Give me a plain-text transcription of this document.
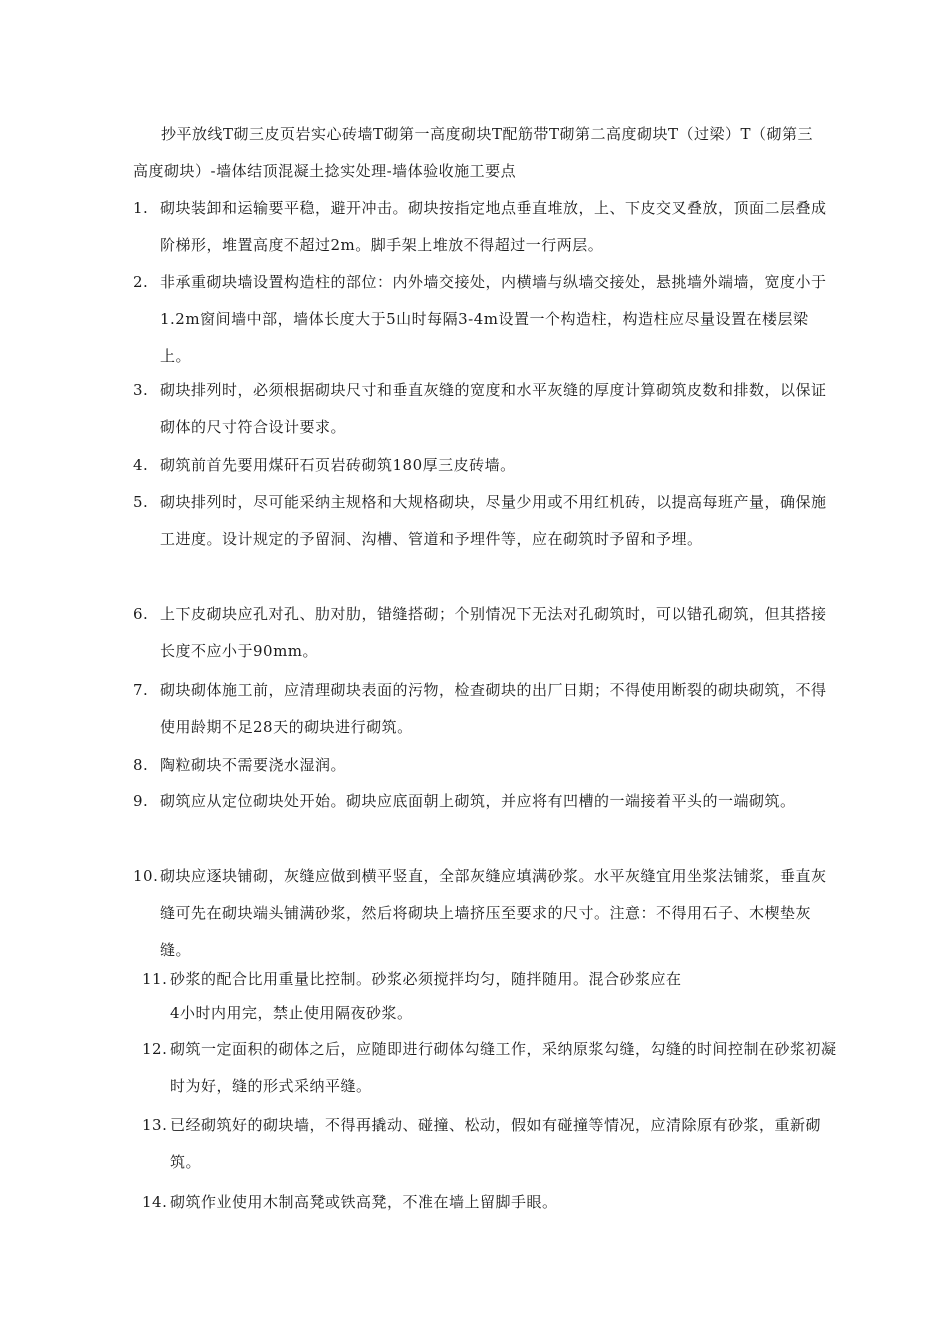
抄平放线T砌三皮页岩实心砖墙T砌第一高度砌块T配筋带T砌第二高度砌块T（过梁）T（砌第三高度砌块）-墙体结顶混凝土捻实处理-墙体验收施工要点
1. 砌块装卸和运输要平稳，避开冲击。砌块按指定地点垂直堆放，上、下皮交叉叠放，顶面二层叠成阶梯形，堆置高度不超过2m。脚手架上堆放不得超过一行两层。
2. 非承重砌块墙设置构造柱的部位：内外墙交接处，内横墙与纵墙交接处，悬挑墙外端墙，宽度小于1.2m窗间墙中部，墙体长度大于5山时每隔3-4m设置一个构造柱，构造柱应尽量设置在楼层梁上。
3. 砌块排列时，必须根据砌块尺寸和垂直灰缝的宽度和水平灰缝的厚度计算砌筑皮数和排数，以保证砌体的尺寸符合设计要求。
4. 砌筑前首先要用煤矸石页岩砖砌筑180厚三皮砖墙。
5. 砌块排列时，尽可能采纳主规格和大规格砌块，尽量少用或不用红机砖，以提高每班产量，确保施工进度。设计规定的予留洞、沟槽、管道和予埋件等，应在砌筑时予留和予埋。
6. 上下皮砌块应孔对孔、肋对肋，错缝搭砌；个别情况下无法对孔砌筑时，可以错孔砌筑，但其搭接长度不应小于90mm。
7. 砌块砌体施工前，应清理砌块表面的污物，检查砌块的出厂日期；不得使用断裂的砌块砌筑，不得使用龄期不足28天的砌块进行砌筑。
8. 陶粒砌块不需要浇水湿润。
9. 砌筑应从定位砌块处开始。砌块应底面朝上砌筑，并应将有凹槽的一端接着平头的一端砌筑。
10. 砌块应逐块铺砌，灰缝应做到横平竖直，全部灰缝应填满砂浆。水平灰缝宜用坐浆法铺浆，垂直灰缝可先在砌块端头铺满砂浆，然后将砌块上墙挤压至要求的尺寸。注意：不得用石子、木楔垫灰缝。
11. 砂浆的配合比用重量比控制。砂浆必须搅拌均匀，随拌随用。混合砂浆应在
4小时内用完，禁止使用隔夜砂浆。
12. 砌筑一定面积的砌体之后，应随即进行砌体勾缝工作，采纳原浆勾缝，勾缝的时间控制在砂浆初凝时为好，缝的形式采纳平缝。
13. 已经砌筑好的砌块墙，不得再撬动、碰撞、松动，假如有碰撞等情况，应清除原有砂浆，重新砌筑。
14. 砌筑作业使用木制高凳或铁高凳，不准在墙上留脚手眼。
